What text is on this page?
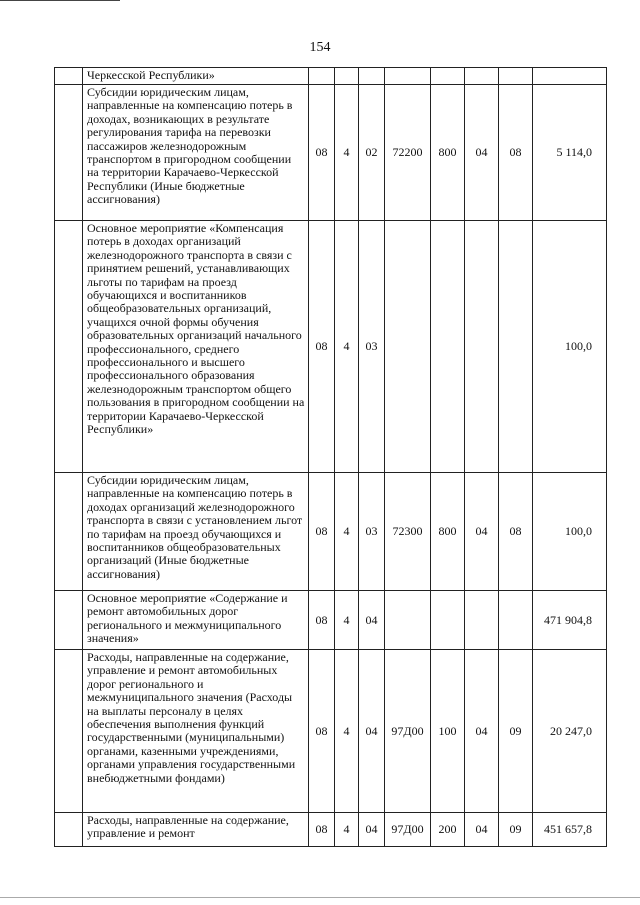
154
	Черкесской Республики»								
	Субсидии юридическим лицам, направленные на компенсацию потерь в доходах, возникающих в результате регулирования тарифа на перевозки пассажиров железнодорожным транспортом в пригородном сообщении на территории Карачаево-Черкесской Республики (Иные бюджетные ассигнования)	08	4	02	72200	800	04	08	5 114,0
	Основное мероприятие «Компенсация потерь в доходах организаций железнодорожного транспорта в связи с принятием решений, устанавливающих льготы по тарифам на проезд обучающихся и воспитанников общеобразовательных организаций, учащихся очной формы обучения образовательных организаций начального профессионального, среднего профессионального и высшего профессионального образования железнодорожным транспортом общего пользования в пригородном сообщении на территории Карачаево-Черкесской Республики»	08	4	03					100,0
	Субсидии юридическим лицам, направленные на компенсацию потерь в доходах организаций железнодорожного транспорта в связи с установлением льгот по тарифам на проезд обучающихся и воспитанников общеобразовательных организаций (Иные бюджетные ассигнования)	08	4	03	72300	800	04	08	100,0
	Основное мероприятие «Содержание и ремонт автомобильных дорог регионального и межмуниципального значения»	08	4	04					471 904,8
	Расходы, направленные на содержание, управление и ремонт автомобильных дорог регионального и межмуниципального значения (Расходы на выплаты персоналу в целях обеспечения выполнения функций государственными (муниципальными) органами, казенными учреждениями, органами управления государственными внебюджетными фондами)	08	4	04	97Д00	100	04	09	20 247,0
	Расходы, направленные на содержание, управление и ремонт	08	4	04	97Д00	200	04	09	451 657,8
